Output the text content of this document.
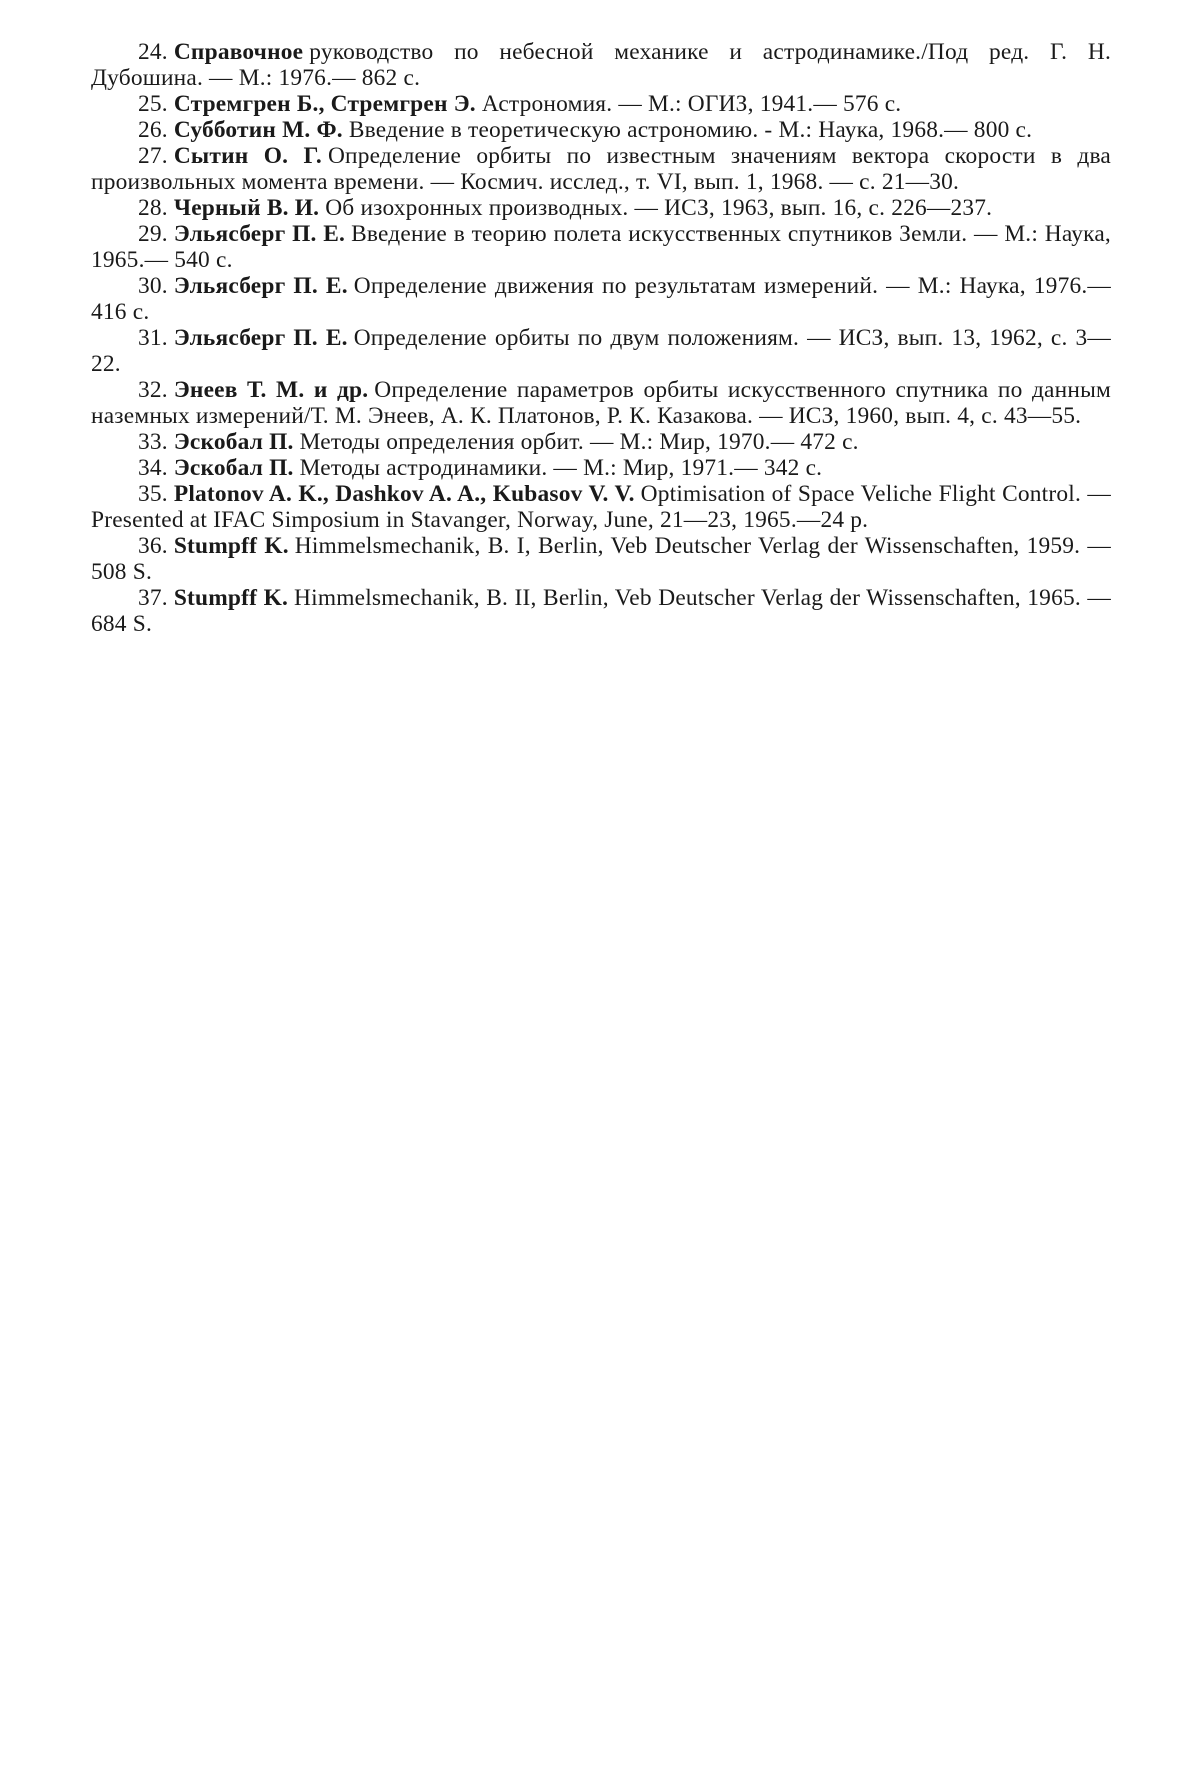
24. Справочное руководство по небесной механике и астродинамике./Под ред. Г. Н. Дубошина. — М.: 1976.— 862 с.

25. Стремгрен Б., Стремгрен Э. Астрономия. — М.: ОГИЗ, 1941.— 576 с.

26. Субботин М. Ф. Введение в теоретическую астрономию. - М.: Наука, 1968.— 800 с.

27. Сытин О. Г. Определение орбиты по известным значениям вектора скорости в два произвольных момента времени. — Космич. исслед., т. VI, вып. 1, 1968. — с. 21—30.

28. Черный В. И. Об изохронных производных. — ИСЗ, 1963, вып. 16, с. 226—237.

29. Эльясберг П. Е. Введение в теорию полета искусственных спутников Земли. — М.: Наука, 1965.— 540 с.

30. Эльясберг П. Е. Определение движения по результатам измерений. — М.: Наука, 1976.— 416 с.

31. Эльясберг П. Е. Определение орбиты по двум положениям. — ИСЗ, вып. 13, 1962, с. 3—22.

32. Энеев Т. М. и др. Определение параметров орбиты искусственного спутника по данным наземных измерений/Т. М. Энеев, А. К. Платонов, Р. К. Казакова. — ИСЗ, 1960, вып. 4, с. 43—55.

33. Эскобал П. Методы определения орбит. — М.: Мир, 1970.— 472 с.

34. Эскобал П. Методы астродинамики. — М.: Мир, 1971.— 342 с.

35. Platonov A. K., Dashkov A. A., Kubasov V. V. Optimisation of Space Veliche Flight Control. — Presented at IFAC Simposium in Stavanger, Norway, June, 21—23, 1965.—24 p.

36. Stumpff K. Himmelsmechanik, B. I, Berlin, Veb Deutscher Verlag der Wissenschaften, 1959. — 508 S.

37. Stumpff K. Himmelsmechanik, B. II, Berlin, Veb Deutscher Verlag der Wissenschaften, 1965. — 684 S.
